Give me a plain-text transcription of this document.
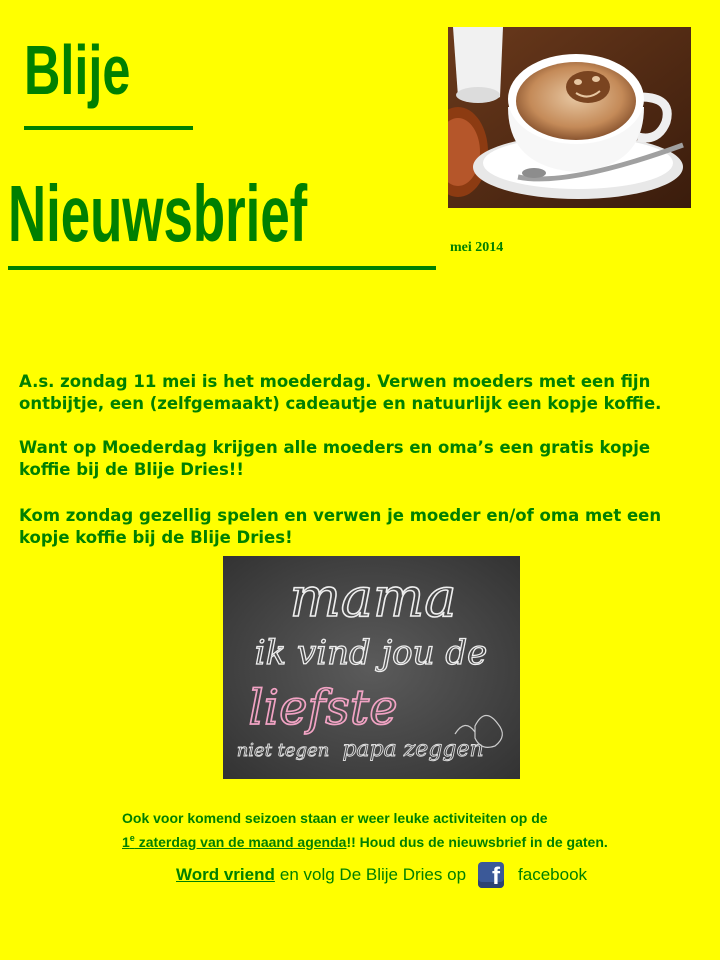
Blije
Nieuwsbrief	mei 2014

A.s. zondag 11 mei is het moederdag. Verwen moeders met een fijn ontbijtje, een (zelfgemaakt) cadeautje en natuurlijk een kopje koffie.

Want op Moederdag krijgen alle moeders en oma’s een gratis kopje koffie bij de Blije Dries!!

Kom zondag gezellig spelen en verwen je moeder en/of oma met een kopje koffie bij de Blije Dries!

mama
ik vind jou de
liefste
niet tegen papa zeggen

Ook voor komend seizoen staan er weer leuke activiteiten op de

1e zaterdag van de maand agenda!! Houd dus de nieuwsbrief in de gaten.

Word vriend en volg De Blije Dries op f facebook
